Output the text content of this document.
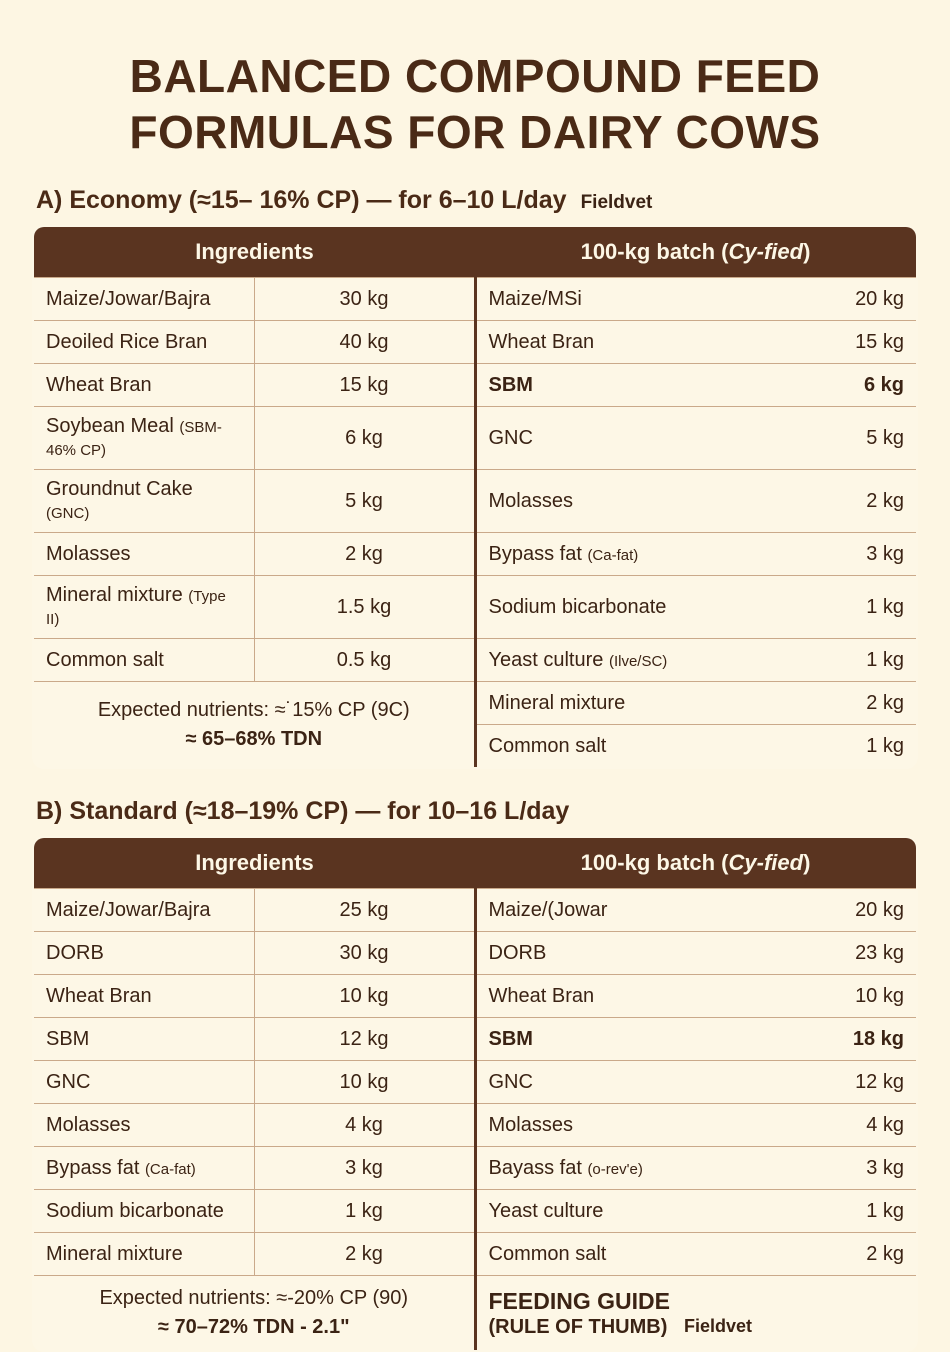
BALANCED COMPOUND FEED FORMULAS FOR DAIRY COWS
A) Economy (≈15– 16% CP) — for 6–10 L/day Fieldvet
Ingredients		100-kg batch (Cy-fied)	
Maize/Jowar/Bajra	30 kg	Maize/MSi	20 kg
Deoiled Rice Bran	40 kg	Wheat Bran	15 kg
Wheat Bran	15 kg	SBM	6 kg
Soybean Meal (SBM-46% CP)	6 kg	GNC	5 kg
Groundnut Cake (GNC)	5 kg	Molasses	2 kg
Molasses	2 kg	Bypass fat (Ca-fat)	3 kg
Mineral mixture (Type II)	1.5 kg	Sodium bicarbonate	1 kg
Common salt	0.5 kg	Yeast culture (Ilve/SC)	1 kg

Expected nutrients: ≈˙15% CP (9C)
≈ 65–68% TDN		Mineral mixture	2 kg
		Common salt	1 kg
B) Standard (≈18–19% CP) — for 10–16 L/day
Ingredients		100-kg batch (Cy-fied)	
Maize/Jowar/Bajra	25 kg	Maize/(Jowar	20 kg
DORB	30 kg	DORB	23 kg
Wheat Bran	10 kg	Wheat Bran	10 kg
SBM	12 kg	SBM	18 kg
GNC	10 kg	GNC	12 kg
Molasses	4 kg	Molasses	4 kg
Bypass fat (Ca-fat)	3 kg	Bayass fat (o-rev'e)	3 kg
Sodium bicarbonate	1 kg	Yeast culture	1 kg
Mineral mixture	2 kg	Common salt	2 kg

Expected nutrients: ≈-20% CP (90)
≈ 70–72% TDN - 2.1"

FEEDING GUIDE
(RULE OF THUMB) Fieldvet
